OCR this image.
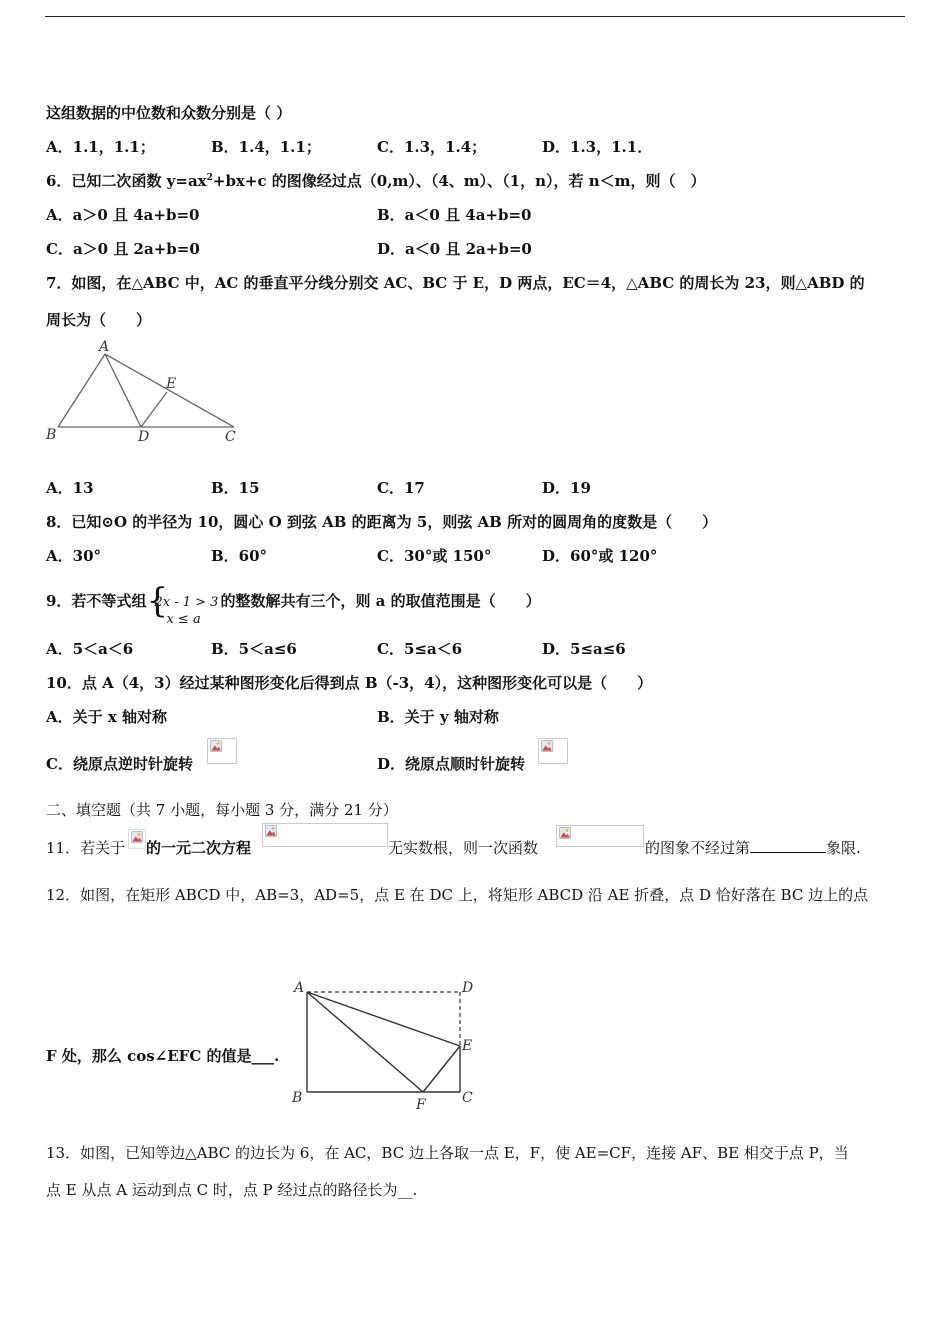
这组数据的中位数和众数分别是（ ）
A．1.1，1.1；	B．1.4，1.1；	C．1.3，1.4；	D．1.3，1.1．
6．已知二次函数 $y=ax^2+bx+c$ 的图像经过点（0,m）、（4、m）、（1，n），若 n＜m，则（　）
A．a＞0 且 4a+b=0	B．a＜0 且 4a+b=0
C．a＞0 且 2a+b=0	D．a＜0 且 2a+b=0
7．如图，在△ABC 中，AC 的垂直平分线分别交 AC、BC 于 E，D 两点，EC＝4，△ABC 的周长为 23，则△ABD 的
周长为（　　）
A
E
B	D	C
A．13	B．15	C．17	D．19
8．已知⊙O 的半径为 10，圆心 O 到弦 AB 的距离为 5，则弦 AB 所对的圆周角的度数是（　　）
A．30°	B．60°	C．30°或 150°	D．60°或 120°
9．若不等式组 {
2x - 1 > 3
x ≤ a
的整数解共有三个，则 a 的取值范围是（　　）
A．5＜a＜6	B．5＜a≤6	C．5≤a＜6	D．5≤a≤6
10．点 A（4，3）经过某种图形变化后得到点 B（-3，4），这种图形变化可以是（　　）
A．关于 x 轴对称	B．关于 y 轴对称
C．绕原点逆时针旋转	D．绕原点顺时针旋转
二、填空题（共 7 小题，每小题 3 分，满分 21 分）
11．若关于 的一元二次方程	无实数根，则一次函数	的图象不经过第	象限.
12．如图，在矩形 ABCD 中，AB=3，AD=5，点 E 在 DC 上，将矩形 ABCD 沿 AE 折叠，点 D 恰好落在 BC 边上的点
A	D
E
B	F	C
F 处，那么 cos∠EFC 的值是___.
13．如图，已知等边△ABC 的边长为 6，在 AC，BC 边上各取一点 E，F，使 AE=CF，连接 AF、BE 相交于点 P，当
点 E 从点 A 运动到点 C 时，点 P 经过点的路径长为__.
